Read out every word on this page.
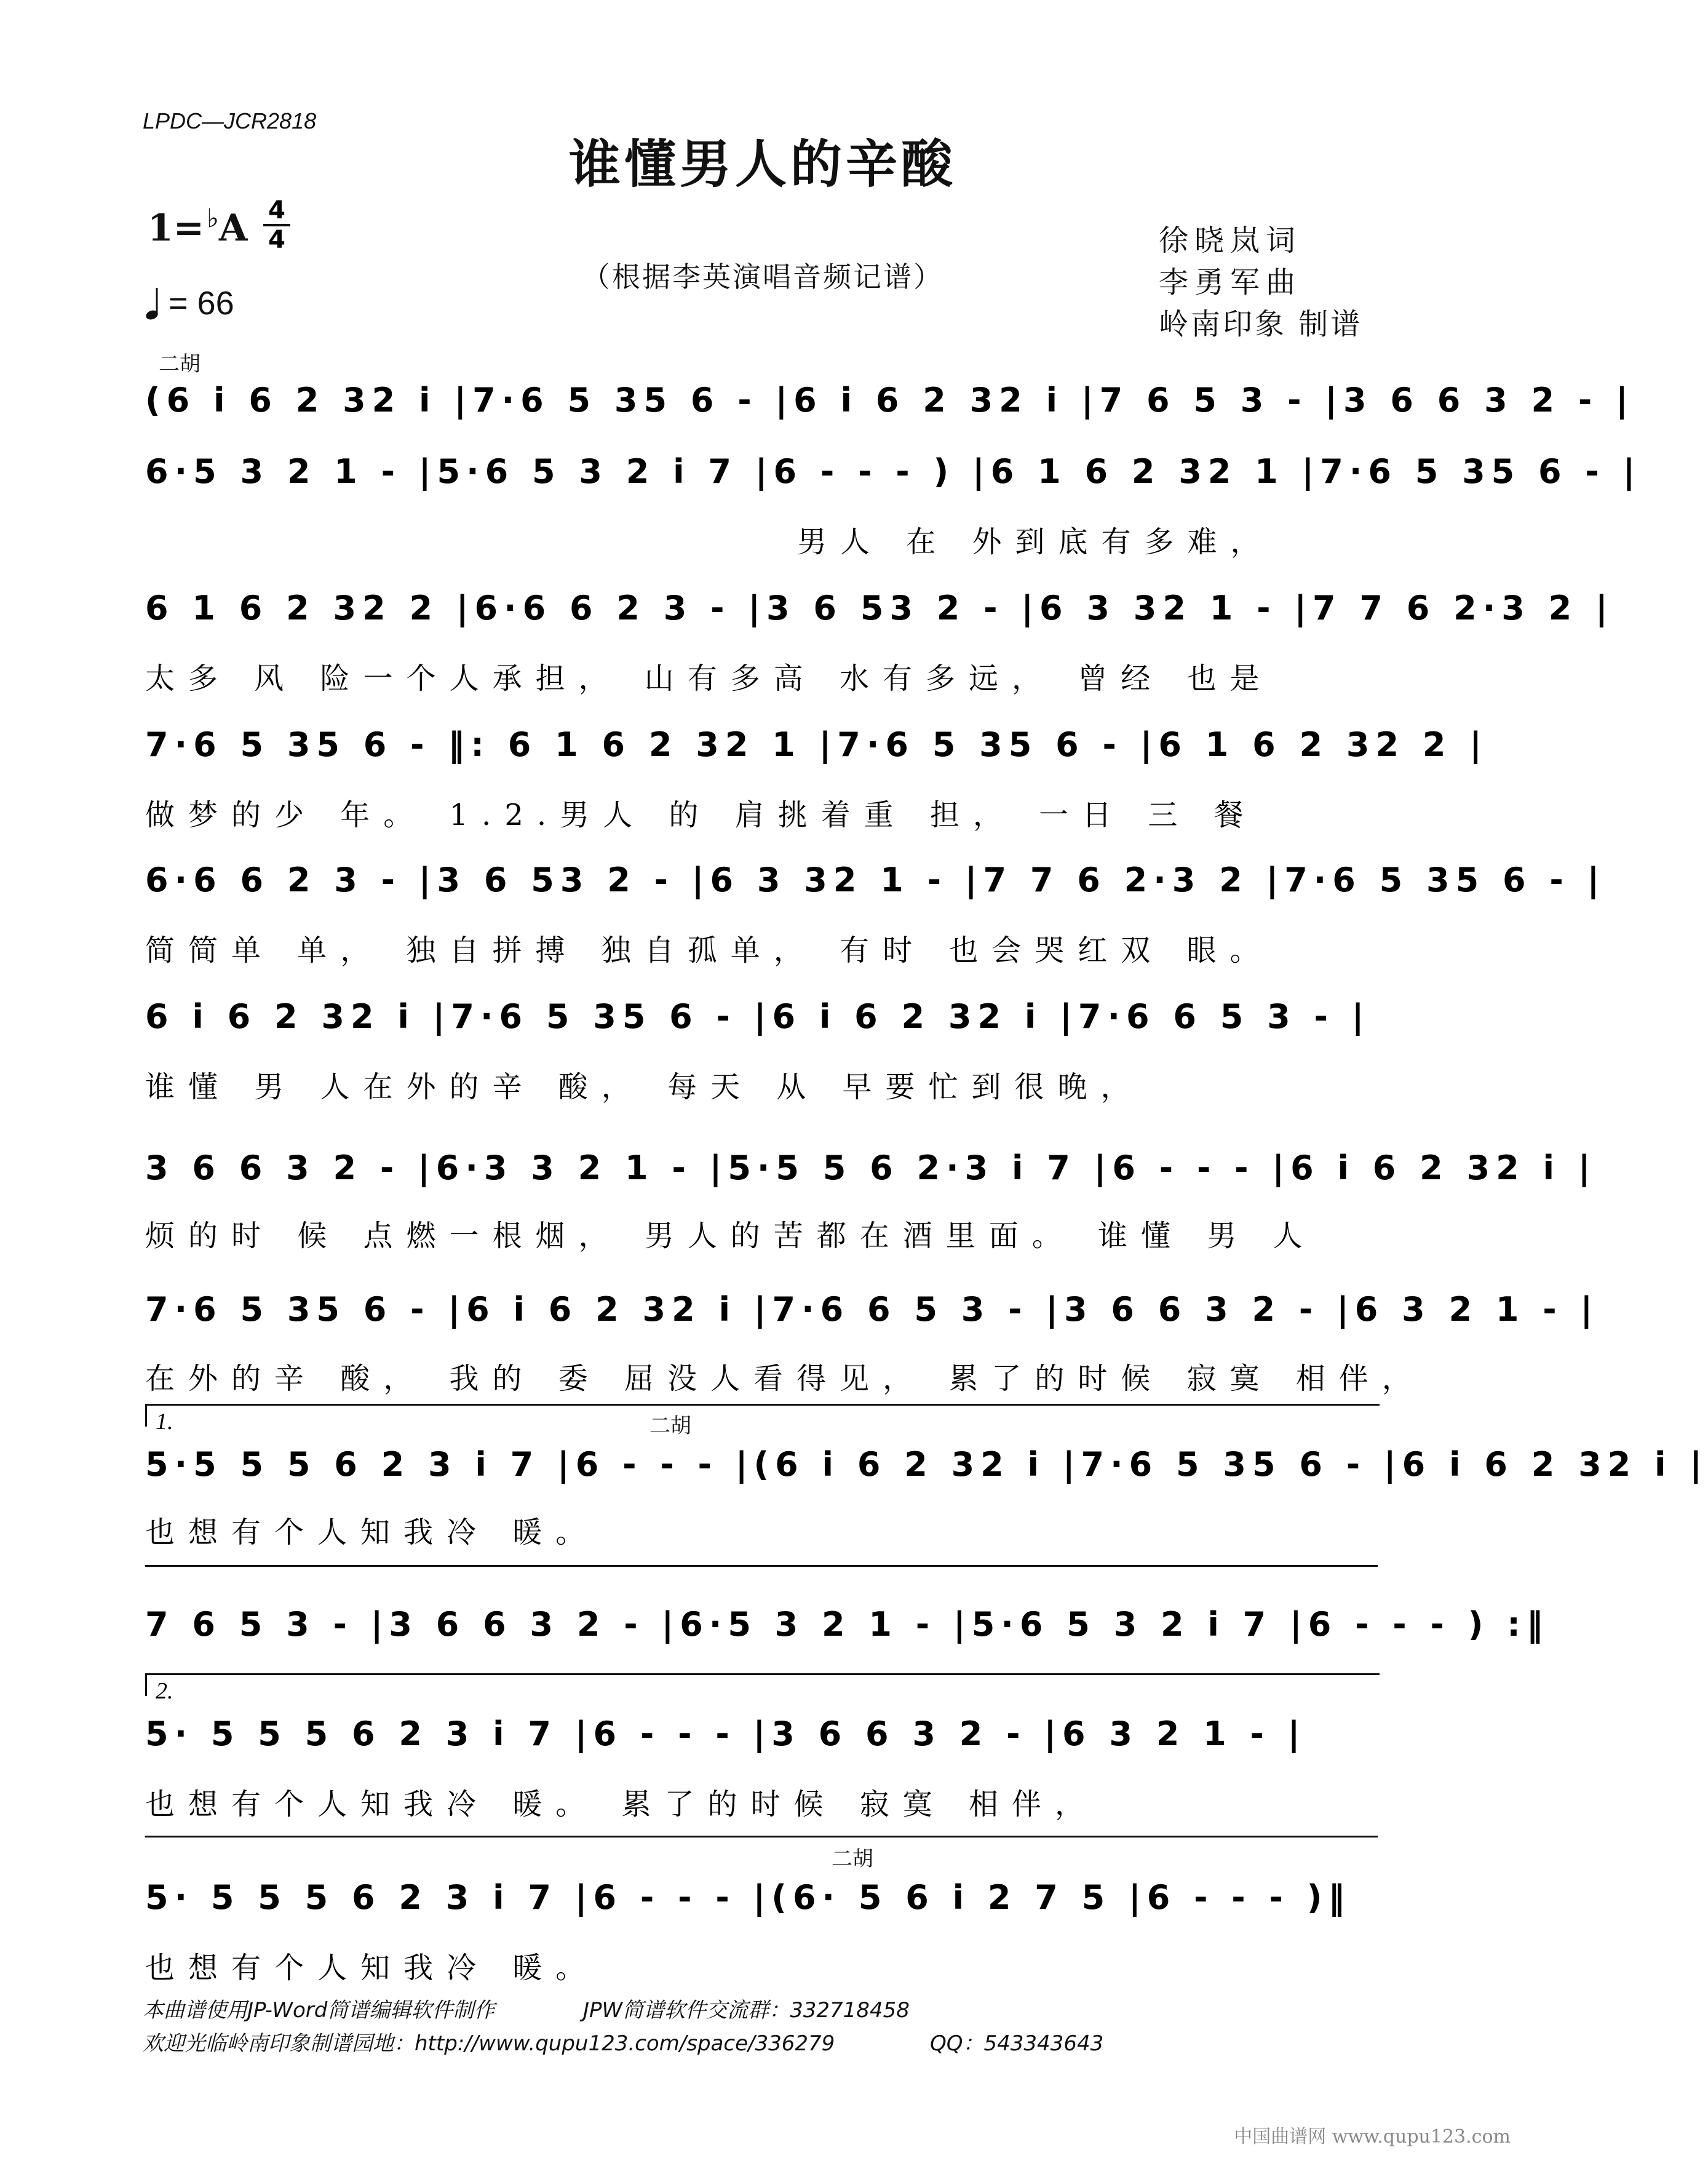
LPDC—JCR2818
谁懂男人的辛酸
1=♭A 4
4
= 66
（根据李英演唱音频记谱）
徐晓岚词
李勇军曲
岭南印象 制谱
二胡
二胡
二胡
(6 i 6 2 32 i |7·6 5 35 6 - |6 i 6 2 32 i |7 6 5 3 - |3 6 6 3 2 - |
6·5 3 2 1 - |5·6 5 3 2 i 7 |6 - - - ) |6 1 6 2 32 1 |7·6 5 35 6 - |
男人 在 外到底有多难，
6 1 6 2 32 2 |6·6 6 2 3 - |3 6 53 2 - |6 3 32 1 - |7 7 6 2·3 2 |
太多 风 险一个人承担， 山有多高 水有多远， 曾经 也是
7·6 5 35 6 - ‖: 6 1 6 2 32 1 |7·6 5 35 6 - |6 1 6 2 32 2 |
做梦的少 年。 1.2.男人 的 肩挑着重 担， 一日 三 餐
6·6 6 2 3 - |3 6 53 2 - |6 3 32 1 - |7 7 6 2·3 2 |7·6 5 35 6 - |
简简单 单， 独自拼搏 独自孤单， 有时 也会哭红双 眼。
6 i 6 2 32 i |7·6 5 35 6 - |6 i 6 2 32 i |7·6 6 5 3 - |
谁懂 男 人在外的辛 酸， 每天 从 早要忙到很晚，
3 6 6 3 2 - |6·3 3 2 1 - |5·5 5 6 2·3 i 7 |6 - - - |6 i 6 2 32 i |
烦的时 候 点燃一根烟， 男人的苦都在酒里面。 谁懂 男 人
7·6 5 35 6 - |6 i 6 2 32 i |7·6 6 5 3 - |3 6 6 3 2 - |6 3 2 1 - |
在外的辛 酸， 我的 委 屈没人看得见， 累了的时候 寂寞 相伴，
1.
5·5 5 5 6 2 3 i 7 |6 - - - |(6 i 6 2 32 i |7·6 5 35 6 - |6 i 6 2 32 i |
也想有个人知我冷 暖。
7 6 5 3 - |3 6 6 3 2 - |6·5 3 2 1 - |5·6 5 3 2 i 7 |6 - - - ) :‖
2.
5· 5 5 5 6 2 3 i 7 |6 - - - |3 6 6 3 2 - |6 3 2 1 - |
也想有个人知我冷 暖。 累了的时候 寂寞 相伴，
5· 5 5 5 6 2 3 i 7 |6 - - - |(6· 5 6 i 2 7 5 |6 - - - )‖
也想有个人知我冷 暖。
本曲谱使用JP-Word简谱编辑软件制作	JPW简谱软件交流群：332718458
欢迎光临岭南印象制谱园地：http://www.qupu123.com/space/336279	QQ：543343643
中国曲谱网 www.qupu123.com
